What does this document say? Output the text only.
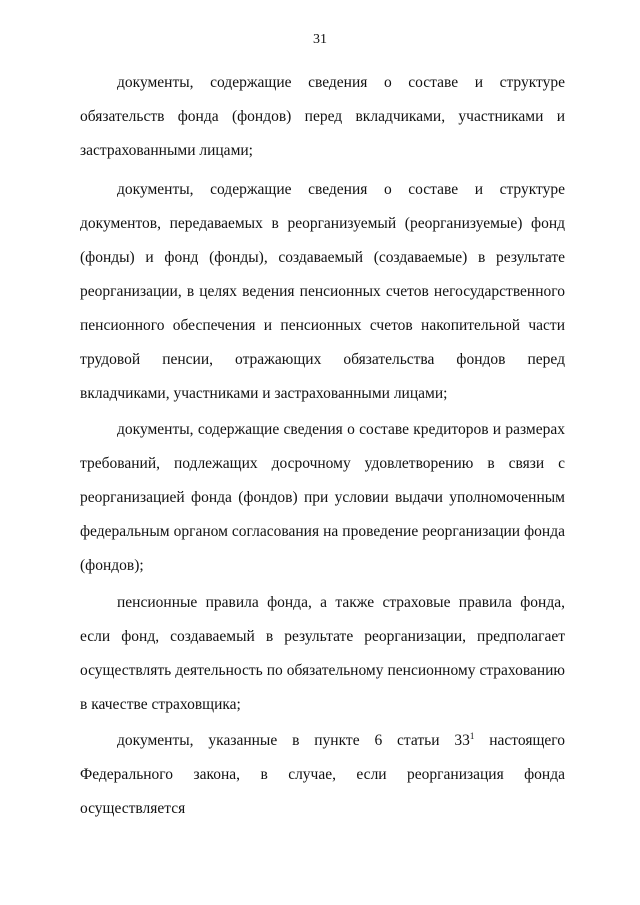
31

документы, содержащие сведения о составе и структуре обязательств фонда (фондов) перед вкладчиками, участниками и застрахованными лицами;

документы, содержащие сведения о составе и структуре документов, передаваемых в реорганизуемый (реорганизуемые) фонд (фонды) и фонд (фонды), создаваемый (создаваемые) в результате реорганизации, в целях ведения пенсионных счетов негосударственного пенсионного обеспечения и пенсионных счетов накопительной части трудовой пенсии, отражающих обязательства фондов перед вкладчиками, участниками и застрахованными лицами;

документы, содержащие сведения о составе кредиторов и размерах требований, подлежащих досрочному удовлетворению в связи с реорганизацией фонда (фондов) при условии выдачи уполномоченным федеральным органом согласования на проведение реорганизации фонда (фондов);

пенсионные правила фонда, а также страховые правила фонда, если фонд, создаваемый в результате реорганизации, предполагает осуществлять деятельность по обязательному пенсионному страхованию в качестве страховщика;

документы, указанные в пункте 6 статьи $33^1$ настоящего Федерального закона, в случае, если реорганизация фонда осуществляется
